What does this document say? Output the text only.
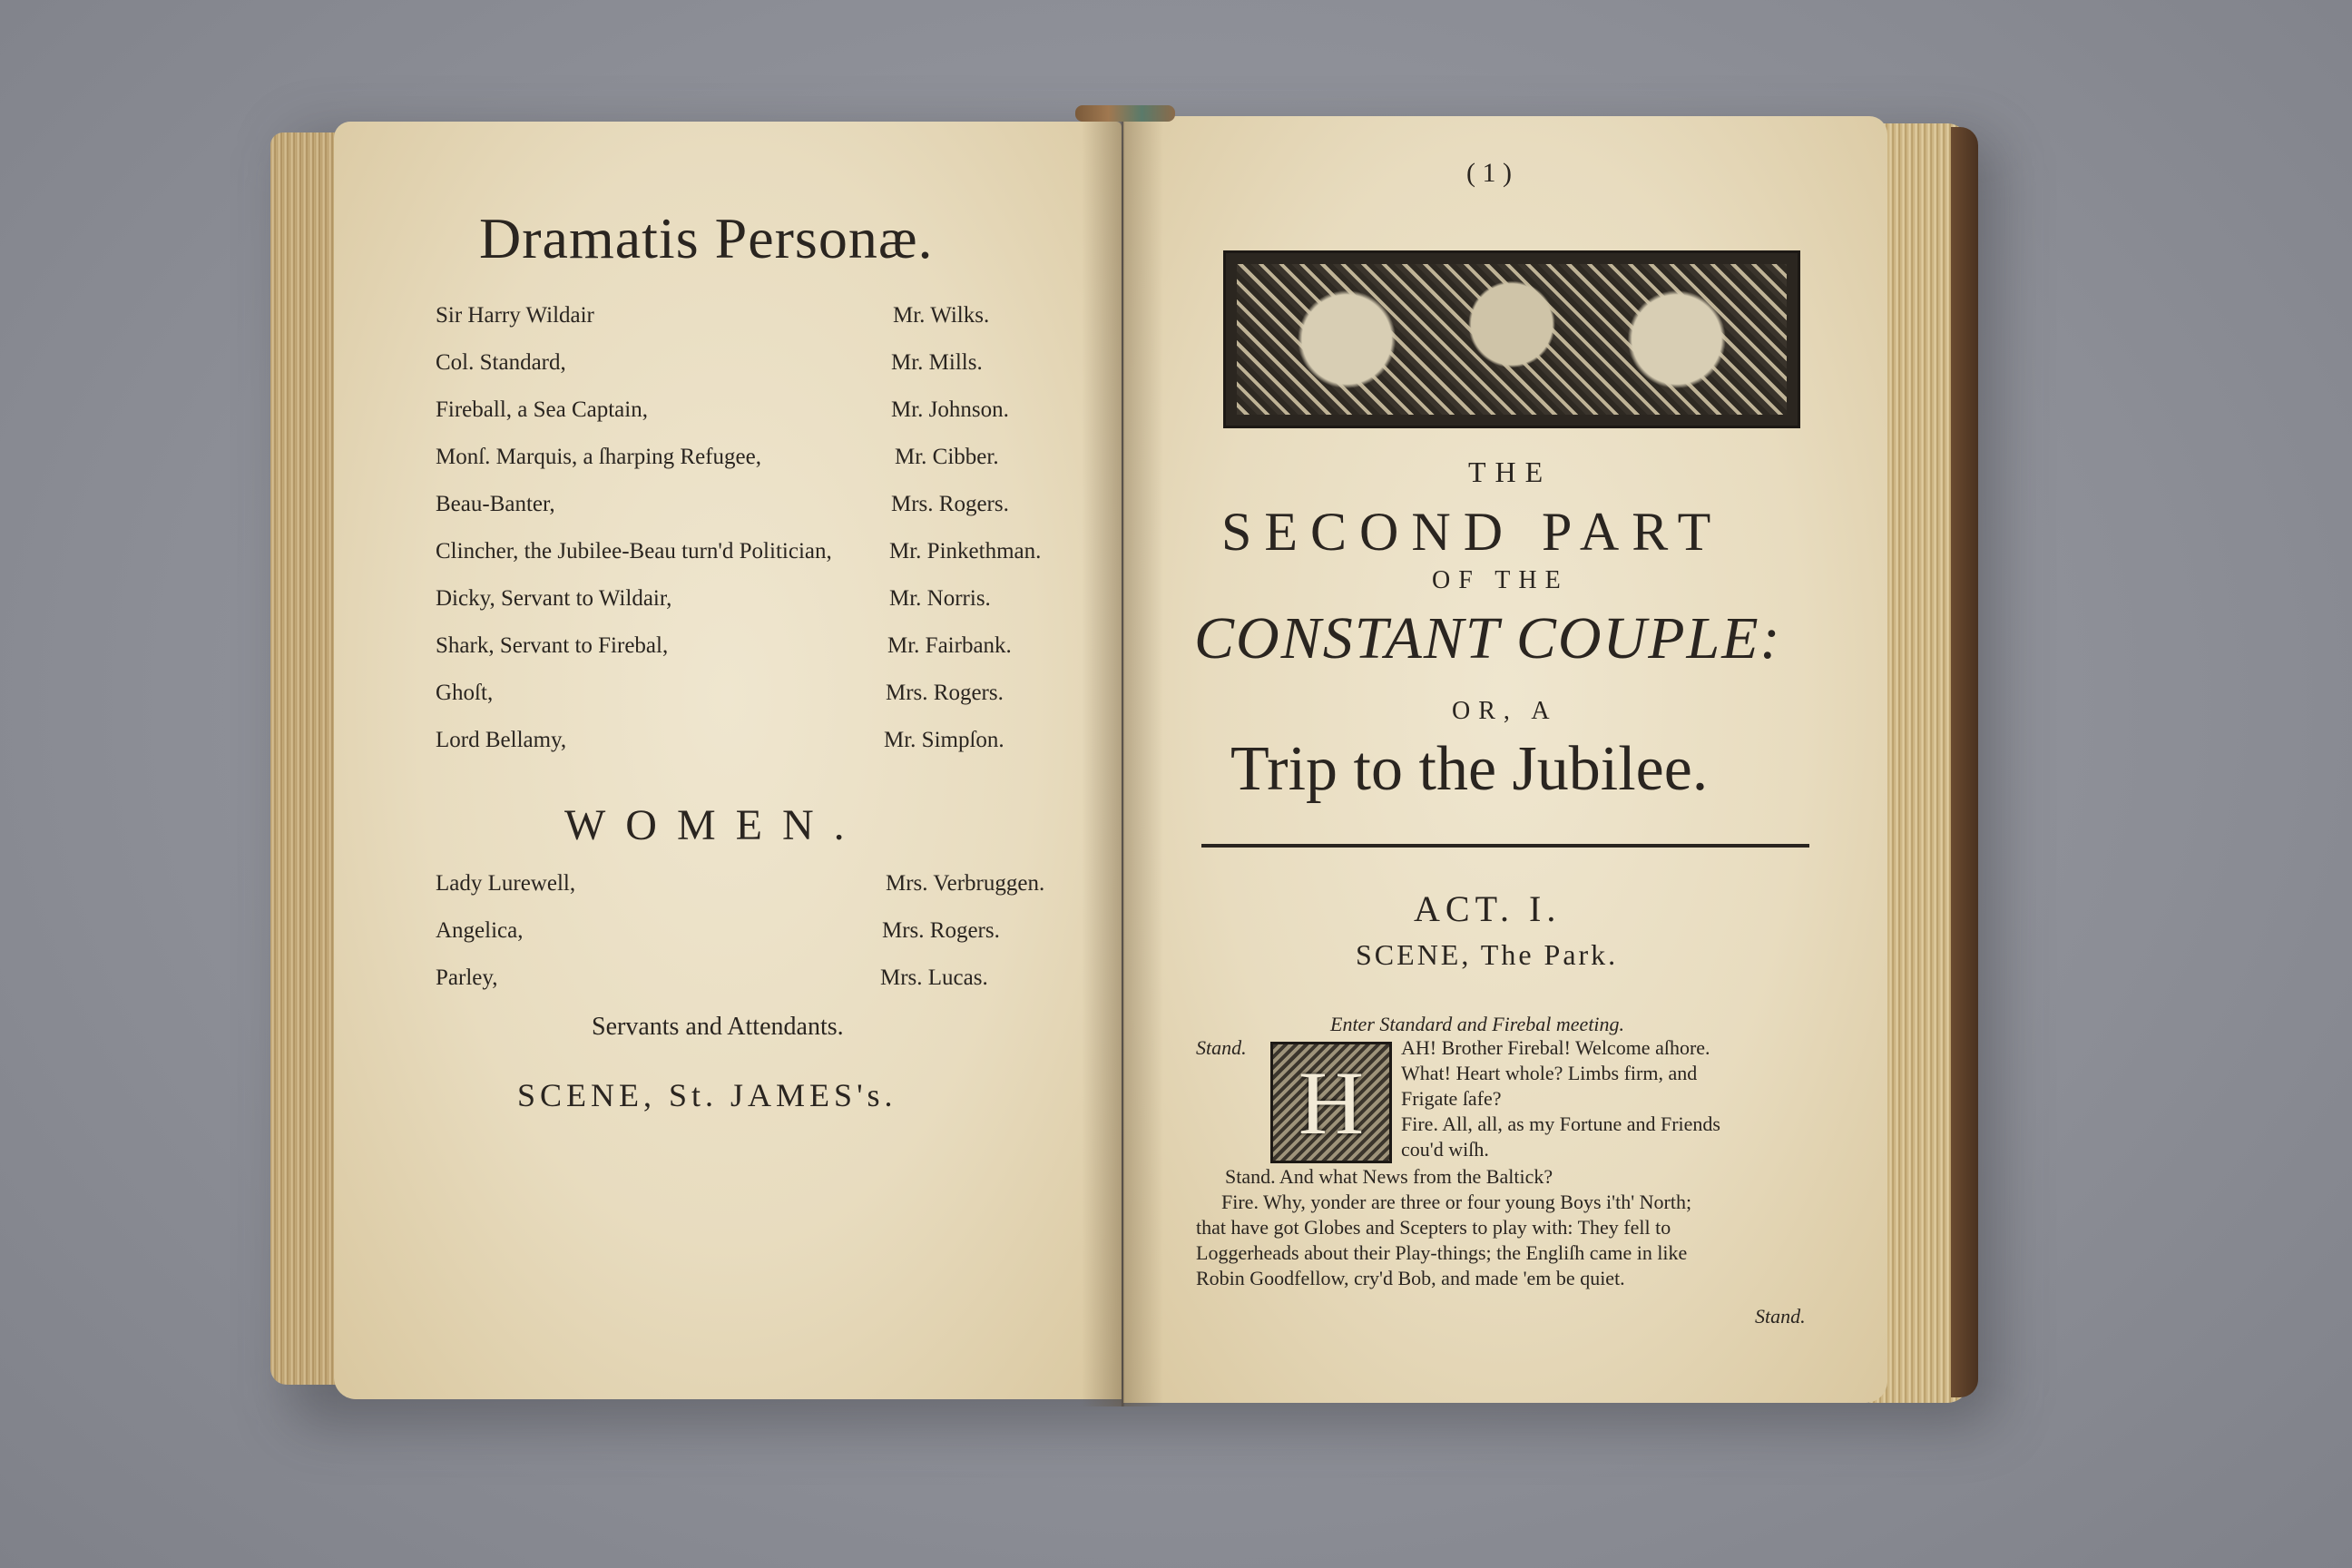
Dramatis Personæ.
Sir Harry Wildair	Mr. Wilks.
Col. Standard,	Mr. Mills.
Fireball, a Sea Captain,	Mr. Johnson.
Monſ. Marquis, a ſharping Refugee,	Mr. Cibber.
Beau-Banter,	Mrs. Rogers.
Clincher, the Jubilee-Beau turn'd Politician,	Mr. Pinkethman.
Dicky, Servant to Wildair,	Mr. Norris.
Shark, Servant to Firebal,	Mr. Fairbank.
Ghoſt,	Mrs. Rogers.
Lord Bellamy,	Mr. Simpſon.
WOMEN.
Lady Lurewell,	Mrs. Verbruggen.
Angelica,	Mrs. Rogers.
Parley,	Mrs. Lucas.
Servants and Attendants.
SCENE, St. JAMES's.
( 1 )
THE
SECOND PART
OF THE
CONSTANT COUPLE:
OR, A
Trip to the Jubilee.
ACT. I.
SCENE, The Park.
Enter Standard and Firebal meeting.
Stand.
H
AH! Brother Firebal! Welcome aſhore.
What! Heart whole? Limbs firm, and
Frigate ſafe?
Fire. All, all, as my Fortune and Friends
cou'd wiſh.
Stand. And what News from the Baltick?
Fire. Why, yonder are three or four young Boys i'th' North;
that have got Globes and Scepters to play with: They fell to
Loggerheads about their Play-things; the Engliſh came in like
Robin Goodfellow, cry'd Bob, and made 'em be quiet.
Stand.
